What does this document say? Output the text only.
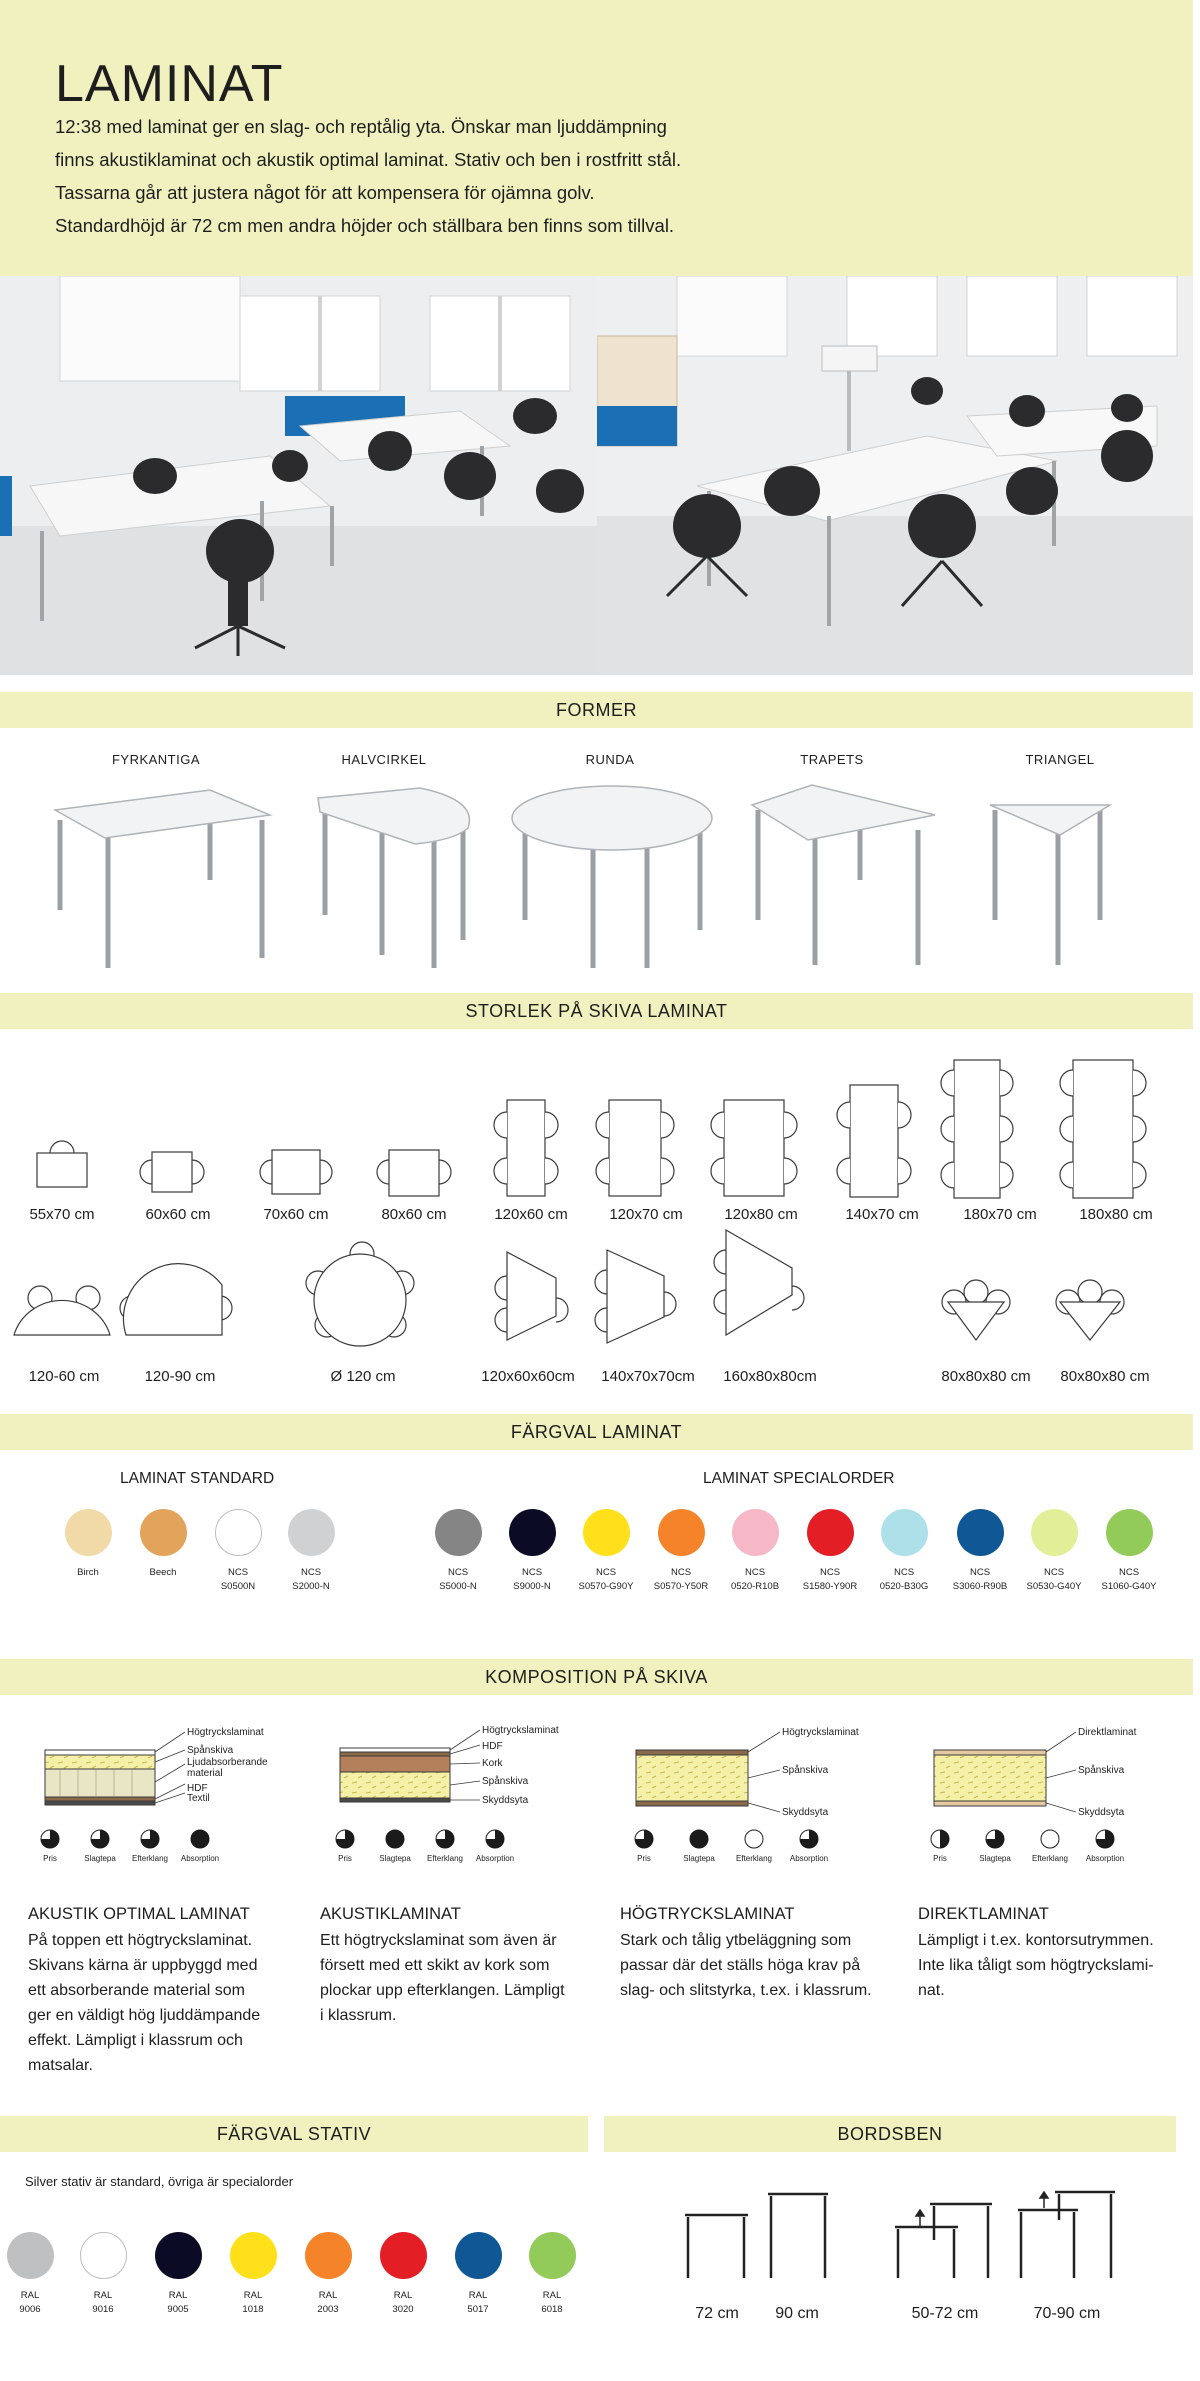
LAMINAT

12:38 med laminat ger en slag- och reptålig yta. Önskar man ljuddämpning

finns akustiklaminat och akustik optimal laminat. Stativ och ben i rostfritt stål.

Tassarna går att justera något för att kompensera för ojämna golv.

Standardhöjd är 72 cm men andra höjder och ställbara ben finns som tillval.

FORMER
FYRKANTIGA	HALVCIRKEL	RUNDA	TRAPETS	TRIANGEL
STORLEK PÅ SKIVA LAMINAT
55x70 cm	60x60 cm	70x60 cm	80x60 cm	120x60 cm	120x70 cm	120x80 cm	140x70 cm	180x70 cm	180x80 cm
120-60 cm	120-90 cm	Ø 120 cm	120x60x60cm	140x70x70cm	160x80x80cm	80x80x80 cm	80x80x80 cm
FÄRGVAL LAMINAT
LAMINAT STANDARD	LAMINAT SPECIALORDER
Birch	Beech	NCS
S0500N
NCS
S2000-N
NCS
S5000-N
NCS
S9000-N
NCS
S0570-G90Y
NCS
S0570-Y50R
NCS
0520-R10B
NCS
S1580-Y90R
NCS
0520-B30G
NCS
S3060-R90B
NCS
S0530-G40Y
NCS
S1060-G40Y
KOMPOSITION PÅ SKIVA
Högtryckslaminat
Spånskiva
Ljudabsorberande material
HDF
Textil
Högtryckslaminat
HDF
Kork
Spånskiva
Skyddsyta
Högtryckslaminat
Spånskiva
Skyddsyta
Direktlaminat
Spånskiva
Skyddsyta
Pris	Slagtepa	Efterklang	Absorption	Pris	Slagtepa	Efterklang	Absorption	Pris	Slagtepa	Efterklang	Absorption	Pris	Slagtepa	Efterklang	Absorption
AKUSTIK OPTIMAL LAMINAT

På toppen ett högtryckslaminat.

Skivans kärna är uppbyggd med

ett absorberande material som

ger en väldigt hög ljuddämpande

effekt. Lämpligt i klassrum och

matsalar.

AKUSTIKLAMINAT

Ett högtryckslaminat som även är

försett med ett skikt av kork som

plockar upp efterklangen. Lämpligt

i klassrum.

HÖGTRYCKSLAMINAT

Stark och tålig ytbeläggning som

passar där det ställs höga krav på

slag- och slitstyrka, t.ex. i klassrum.

DIREKTLAMINAT

Lämpligt i t.ex. kontorsutrymmen.

Inte lika tåligt som högtryckslami-

nat.

FÄRGVAL STATIV	BORDSBEN
Silver stativ är standard, övriga är specialorder
RAL
9006
RAL
9016
RAL
9005
RAL
1018
RAL
2003
RAL
3020
RAL
5017
RAL
6018	72 cm	90 cm	50-72 cm	70-90 cm
